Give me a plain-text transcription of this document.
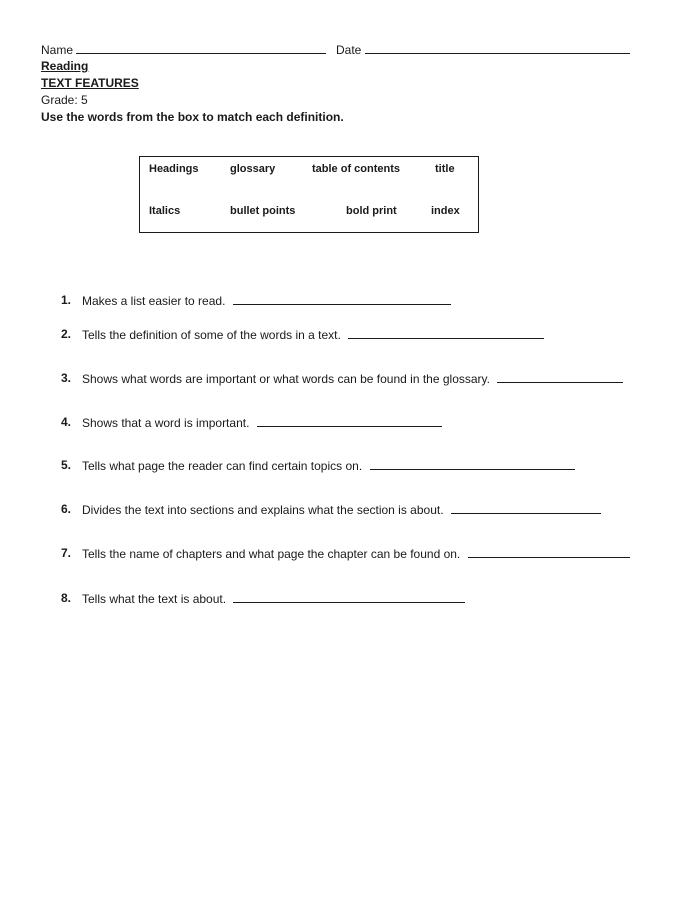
Name	Date
Reading
TEXT FEATURES
Grade: 5
Use the words from the box to match each definition.
Headings	glossary	table of contents	title
Italics	bullet points	bold print	index
1. Makes a list easier to read.
2. Tells the definition of some of the words in a text.
3. Shows what words are important or what words can be found in the glossary.
4. Shows that a word is important.
5. Tells what page the reader can find certain topics on.
6. Divides the text into sections and explains what the section is about.
7. Tells the name of chapters and what page the chapter can be found on.
8. Tells what the text is about.
